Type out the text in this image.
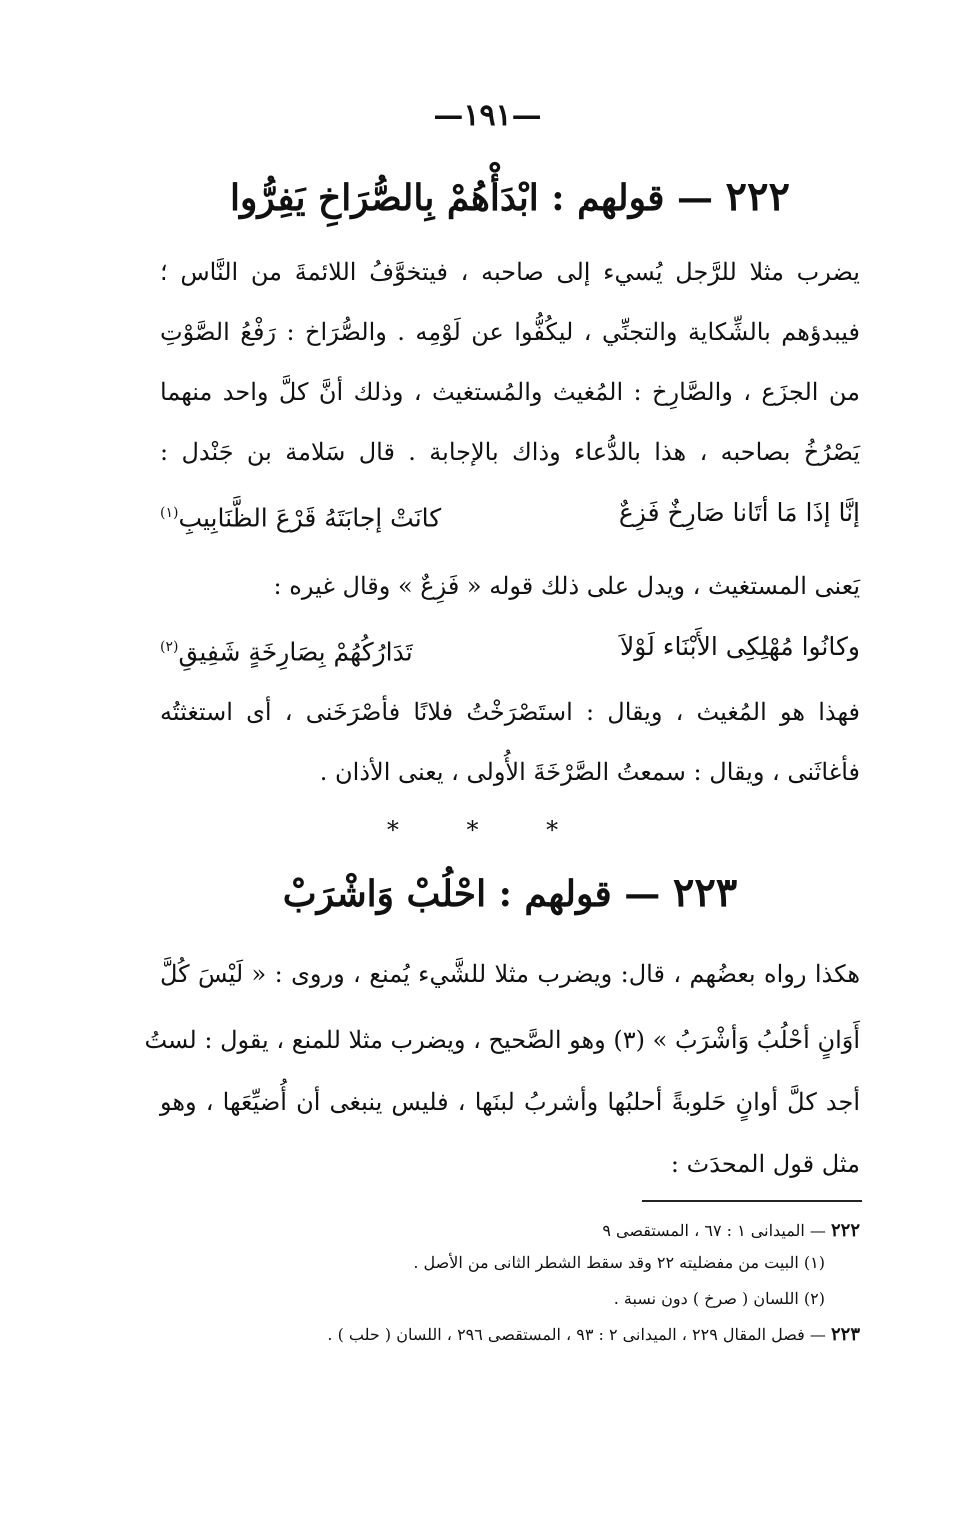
—١٩١—
٢٢٢ — قولهم : ابْدَأْهُمْ بِالصُّرَاخِ يَفِرُّوا
يضرب مثلا للرَّجل يُسيء إلى صاحبه ، فيتخوَّفُ اللائمةَ من النَّاس ؛
فيبدؤهم بالشِّكاية والتجنِّي ، ليكُفُّوا عن لَوْمِه . والصُّرَاخ : رَفْعُ الصَّوْتِ
من الجزَع ، والصَّارِخ : المُغيث والمُستغيث ، وذلك أنَّ كلَّ واحد منهما
يَصْرُخُ بصاحبه ، هذا بالدُّعاء وذاك بالإجابة . قال سَلامة بن جَنْدل :
إنَّا إذَا مَا أتَانا صَارِخٌ فَزِعٌ
كانَتْ إجابَتَهُ قَرْعَ الظَّنَابِيبِ$^{(١)}$
يَعنى المستغيث ، ويدل على ذلك قوله « فَزِعٌ » وقال غيره :
وكانُوا مُهْلِكِى الأَبْنَاء لَوْلاَ
تَدَارُكُهُمْ بِصَارِخَةٍ شَفِيقِ$^{(٢)}$
فهذا هو المُغيث ، ويقال : استَصْرَخْتُ فلانًا فأصْرَخَنى ، أى استغثتُه
فأغاثَنى ، ويقال : سمعتُ الصَّرْخَةَ الأُولى ، يعنى الأذان .
* * *
٢٢٣ — قولهم : احْلُبْ وَاشْرَبْ
هكذا رواه بعضُهم ، قال: ويضرب مثلا للشَّيء يُمنع ، وروى : « لَيْسَ كُلَّ
أَوَانٍ أحْلُبُ وَأشْرَبُ » (٣) وهو الصَّحيح ، ويضرب مثلا للمنع ، يقول : لستُ
أجد كلَّ أوانٍ حَلوبةً أحلبُها وأشربُ لبنَها ، فليس ينبغى أن أُضيِّعَها ، وهو
مثل قول المحدَث :
٢٢٢ — الميدانى ١ : ٦٧ ، المستقصى ٩
(١) البيت من مفضليته ٢٢ وقد سقط الشطر الثانى من الأصل .
(٢) اللسان ( صرخ ) دون نسبة .
٢٢٣ — فصل المقال ٢٢٩ ، الميدانى ٢ : ٩٣ ، المستقصى ٢٩٦ ، اللسان ( حلب ) .
